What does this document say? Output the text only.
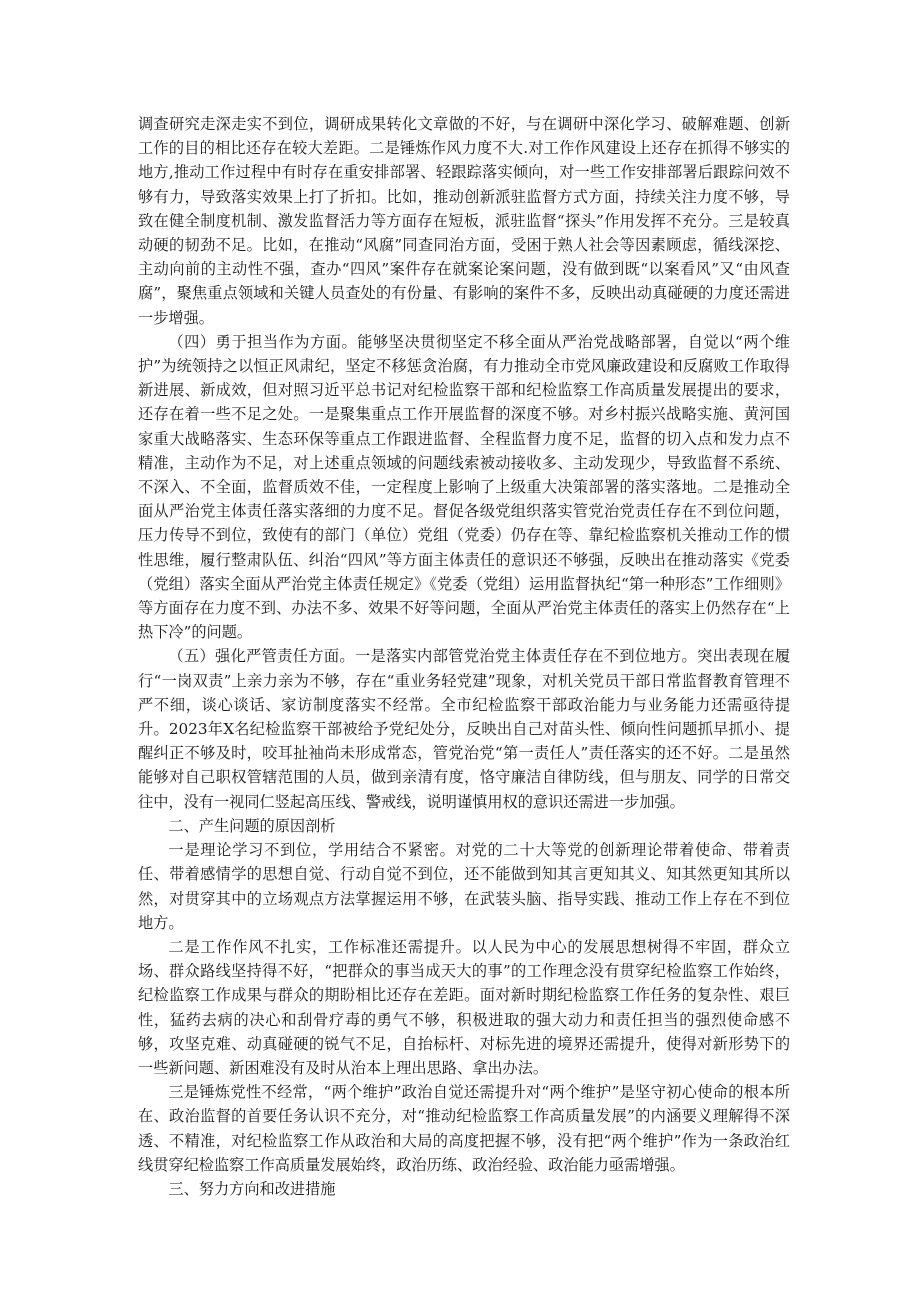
调查研究走深走实不到位，调研成果转化文章做的不好，与在调研中深化学习、破解难题、创新工作的目的相比还存在较大差距。二是锤炼作风力度不大.对工作作风建设上还存在抓得不够实的地方,推动工作过程中有时存在重安排部署、轻跟踪落实倾向，对一些工作安排部署后跟踪问效不够有力，导致落实效果上打了折扣。比如，推动创新派驻监督方式方面，持续关注力度不够，导致在健全制度机制、激发监督活力等方面存在短板，派驻监督“探头”作用发挥不充分。三是较真动硬的韧劲不足。比如，在推动“风腐”同查同治方面，受困于熟人社会等因素顾虑，循线深挖、主动向前的主动性不强，查办“四风”案件存在就案论案问题，没有做到既“以案看风”又“由风查腐”，聚焦重点领域和关键人员查处的有份量、有影响的案件不多，反映出动真碰硬的力度还需进一步增强。

（四）勇于担当作为方面。能够坚决贯彻坚定不移全面从严治党战略部署，自觉以“两个维护”为统领持之以恒正风肃纪，坚定不移惩贪治腐，有力推动全市党风廉政建设和反腐败工作取得新进展、新成效，但对照习近平总书记对纪检监察干部和纪检监察工作高质量发展提出的要求，还存在着一些不足之处。一是聚集重点工作开展监督的深度不够。对乡村振兴战略实施、黄河国家重大战略落实、生态环保等重点工作跟进监督、全程监督力度不足，监督的切入点和发力点不精准，主动作为不足，对上述重点领域的问题线索被动接收多、主动发现少，导致监督不系统、不深入、不全面，监督质效不佳，一定程度上影响了上级重大决策部署的落实落地。二是推动全面从严治党主体责任落实落细的力度不足。督促各级党组织落实管党治党责任存在不到位问题，压力传导不到位，致使有的部门（单位）党组（党委）仍存在等、靠纪检监察机关推动工作的惯性思维，履行整肃队伍、纠治“四风”等方面主体责任的意识还不够强，反映出在推动落实《党委（党组）落实全面从严治党主体责任规定》《党委（党组）运用监督执纪“第一种形态”工作细则》等方面存在力度不到、办法不多、效果不好等问题，全面从严治党主体责任的落实上仍然存在“上热下冷”的问题。

（五）强化严管责任方面。一是落实内部管党治党主体责任存在不到位地方。突出表现在履行“一岗双责”上亲力亲为不够，存在“重业务轻党建”现象，对机关党员干部日常监督教育管理不严不细，谈心谈话、家访制度落实不经常。全市纪检监察干部政治能力与业务能力还需亟待提升。2023年X名纪检监察干部被给予党纪处分，反映出自己对苗头性、倾向性问题抓早抓小、提醒纠正不够及时，咬耳扯袖尚未形成常态，管党治党“第一责任人”责任落实的还不好。二是虽然能够对自己职权管辖范围的人员，做到亲清有度，恪守廉洁自律防线，但与朋友、同学的日常交往中，没有一视同仁竖起高压线、警戒线，说明谨慎用权的意识还需进一步加强。

二、产生问题的原因剖析

一是理论学习不到位，学用结合不紧密。对党的二十大等党的创新理论带着使命、带着责任、带着感情学的思想自觉、行动自觉不到位，还不能做到知其言更知其义、知其然更知其所以然，对贯穿其中的立场观点方法掌握运用不够，在武装头脑、指导实践、推动工作上存在不到位地方。

二是工作作风不扎实，工作标准还需提升。以人民为中心的发展思想树得不牢固，群众立场、群众路线坚持得不好，“把群众的事当成天大的事”的工作理念没有贯穿纪检监察工作始终，纪检监察工作成果与群众的期盼相比还存在差距。面对新时期纪检监察工作任务的复杂性、艰巨性，猛药去病的决心和刮骨疗毒的勇气不够，积极进取的强大动力和责任担当的强烈使命感不够，攻坚克难、动真碰硬的锐气不足，自抬标杆、对标先进的境界还需提升，使得对新形势下的一些新问题、新困难没有及时从治本上理出思路、拿出办法。

三是锤炼党性不经常，“两个维护”政治自觉还需提升对“两个维护”是坚守初心使命的根本所在、政治监督的首要任务认识不充分，对“推动纪检监察工作高质量发展”的内涵要义理解得不深透、不精准，对纪检监察工作从政治和大局的高度把握不够，没有把“两个维护”作为一条政治红线贯穿纪检监察工作高质量发展始终，政治历练、政治经验、政治能力亟需增强。

三、努力方向和改进措施
